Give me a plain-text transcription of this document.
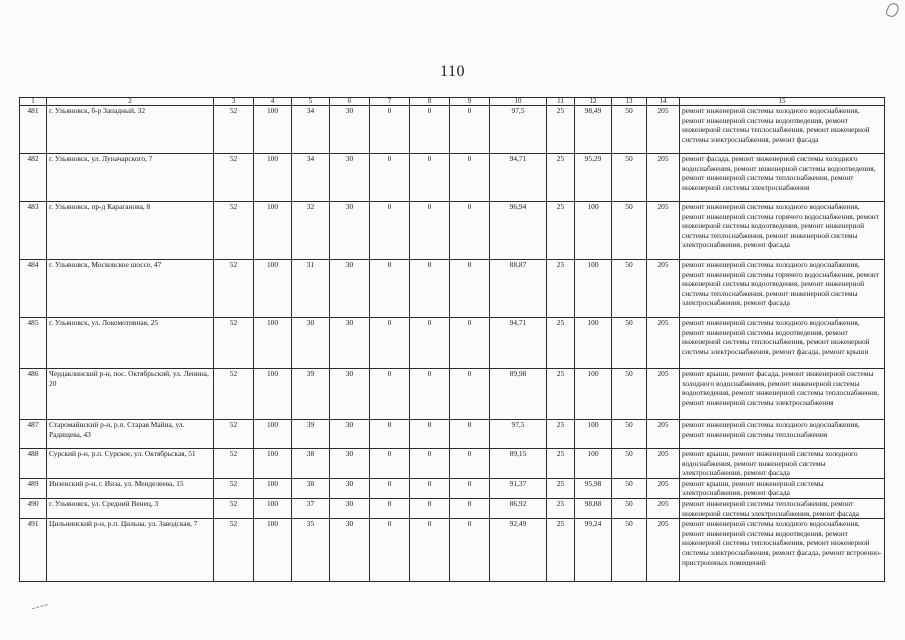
110
1	2	3	4	5	6	7	8	9	10	11	12	13	14	15
481	г. Ульяновск, б-р Западный, 32	52	100	34	30	0	0	0	97,5	25	98,49	50	205	ремонт инженерной системы холодного водоснабжения, ремонт инженерной системы водоотведения, ремонт инженерной системы теплоснабжения, ремонт инженерной системы электроснабжения, ремонт фасада
482	г. Ульяновск, ул. Луначарского, 7	52	100	34	30	0	0	0	94,71	25	95,29	50	205	ремонт фасада, ремонт инженерной системы холодного водоснабжения, ремонт инженерной системы водоотведения, ремонт инженерной системы теплоснабжения, ремонт инженерной системы электроснабжения
483	г. Ульяновск, пр-д Караганова, 8	52	100	32	30	0	0	0	96,94	25	100	50	205	ремонт инженерной системы холодного водоснабжения, ремонт инженерной системы горячего водоснабжения, ремонт инженерной системы водоотведения, ремонт инженерной системы теплоснабжения, ремонт инженерной системы электроснабжения, ремонт фасада
484	г. Ульяновск, Московское шоссе, 47	52	100	31	30	0	0	0	88,87	25	100	50	205	ремонт инженерной системы холодного водоснабжения, ремонт инженерной системы горячего водоснабжения, ремонт инженерной системы водоотведения, ремонт инженерной системы теплоснабжения, ремонт инженерной системы электроснабжения, ремонт фасада
485	г. Ульяновск, ул. Локомотивная, 25	52	100	30	30	0	0	0	94,71	25	100	50	205	ремонт инженерной системы холодного водоснабжения, ремонт инженерной системы водоотведения, ремонт инженерной системы теплоснабжения, ремонт инженерной системы электроснабжения, ремонт фасада, ремонт крыши
486	Чердаклинский р-н, пос. Октябрьский, ул. Ленина, 20	52	100	39	30	0	0	0	89,98	25	100	50	205	ремонт крыши, ремонт фасада, ремонт инженерной системы холодного водоснабжения, ремонт инженерной системы водоотведения, ремонт инженерной системы теплоснабжения, ремонт инженерной системы электроснабжения
487	Старомайнский р-н, р.п. Старая Майна, ул. Радищева, 43	52	100	39	30	0	0	0	97,5	25	100	50	205	ремонт инженерной системы холодного водоснабжения, ремонт инженерной системы теплоснабжения
488	Сурский р-н, р.п. Сурское, ул. Октябрьская, 51	52	100	38	30	0	0	0	89,15	25	100	50	205	ремонт крыши, ремонт инженерной системы холодного водоснабжения, ремонт инженерной системы электроснабжения, ремонт фасада
489	Инзенский р-н, г. Инза, ул. Менделеева, 15	52	100	38	30	0	0	0	91,37	25	95,98	50	205	ремонт крыши, ремонт инженерной системы электроснабжения, ремонт фасада
490	г. Ульяновск, ул. Средний Венец, 3	52	100	37	30	0	0	0	86,92	25	98,88	50	205	ремонт инженерной системы теплоснабжения, ремонт инженерной системы электроснабжения, ремонт фасада
491	Цильнинский р-н, р.п. Цильна, ул. Заводская, 7	52	100	35	30	0	0	0	92,49	25	99,24	50	205	ремонт инженерной системы холодного водоснабжения, ремонт инженерной системы водоотведения, ремонт инженерной системы теплоснабжения, ремонт инженерной системы электроснабжения, ремонт фасада, ремонт встроенно-пристроенных помещений
